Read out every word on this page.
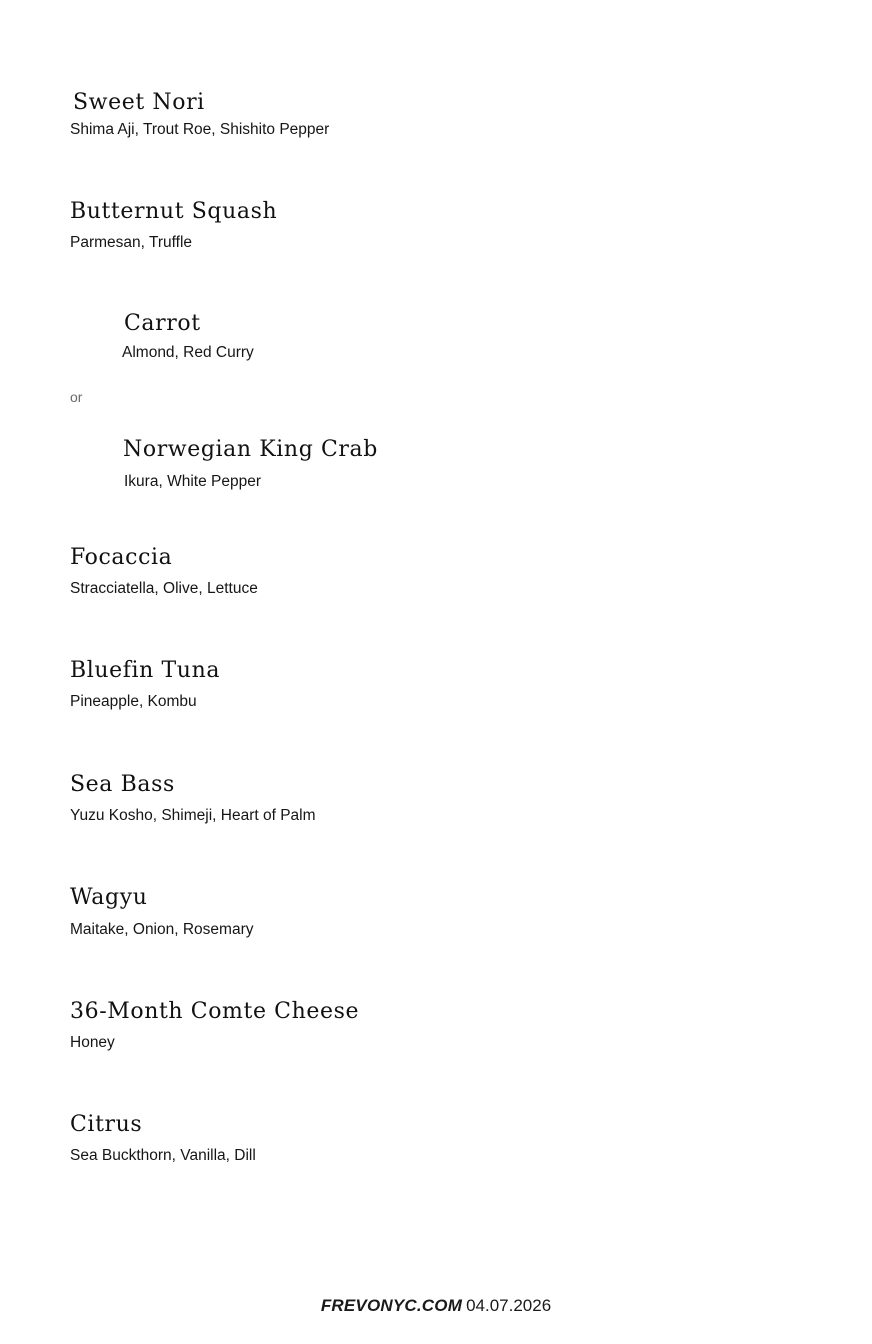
Sweet Nori
Shima Aji, Trout Roe, Shishito Pepper
Butternut Squash
Parmesan, Truffle
Carrot
Almond, Red Curry
or
Norwegian King Crab
Ikura, White Pepper
Focaccia
Stracciatella, Olive, Lettuce
Bluefin Tuna
Pineapple, Kombu
Sea Bass
Yuzu Kosho, Shimeji, Heart of Palm
Wagyu
Maitake, Onion, Rosemary
36-Month Comte Cheese
Honey
Citrus
Sea Buckthorn, Vanilla, Dill
FREVONYC.COM 04.07.2026
